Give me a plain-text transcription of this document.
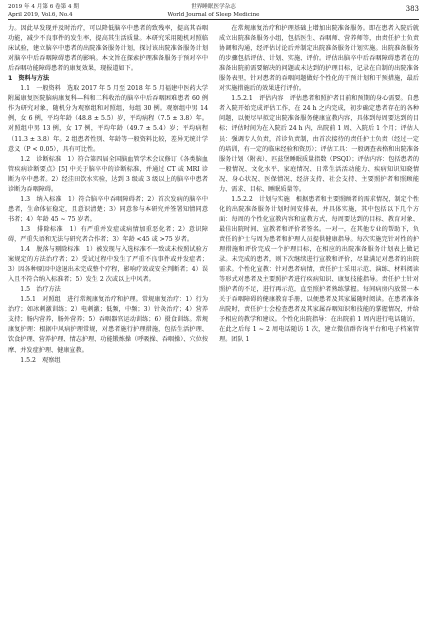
2019 年 4 月第 6 卷第 4 期
April 2019, Vol.6, No.4
世界睡眠医学杂志
World Journal of Sleep Medicine
383

力。因此早发现并及时治疗，可以降低脑卒中患者的致残率，提高其吞咽功能，减少不良事件的发生率，提高其生活质量。本研究采用随机对照临床试验，建立脑卒中患者的出院准备服务计划，探讨该出院准备服务计划对脑卒中后吞咽障碍患者的影响。本文旨在探索护理准备服务于预对卒中后吞咽功能障碍患者的康复效果，现报道如下。

1　资料与方法

1.1　一般资料　选取 2017 年 5 月至 2018 年 5 月福建中医药大学附属康复医院脑病康复科—科和二科收治的脑卒中后吞咽困难患者 60 例作为研究对象，随机分为观察组和对照组，每组 30 例。观察组中男 14 例，女 6 例，平均年龄（48.8 ± 5.5）岁，平均病程（7.5 ± 3.8）年。对照组中男 13 例，女 17 例，平均年龄（49.7 ± 5.4）岁；平均病程（11.3 ± 3.8）年。2 组患者性别、年龄等一般资料比较，差异无统计学意义（P < 0.05），具有可比性。

1.2　诊断标准　1）符合第四届全国脑血管学术会议修订《各类脑血管疾病诊断要点》[5] 中关于脑卒中的诊断标准，并通过 CT 或 MRI 诊断为卒中患者。2）经洼田饮水实验，达到 3 级或 3 级以上的脑卒中患者诊断为吞咽障碍。

1.3　纳入标准　1）符合脑卒中吞咽障碍者；2）首次发病的脑卒中患者，生命体征稳定，且意识清楚；3）同意参与本研究并签署知情同意书者；4）年龄 45 ~ 75 岁者。

1.3　排除标准　1）有严重并发症或病情加重恶化者；2）意识障碍，严重失语和无法与研究者合作者；3）年龄 <45 或 >75 岁者。

1.4　脱落与剔除标准　1）被发现与入选标准不一致或未按照试验方案规定的方法治疗者；2）受试过程中发生了严重不良事件或并发症者；3）因各种原因中途退出未完成整个疗程，影响疗效或安全判断者；4）误入且不符合纳入标准者；5）发生 2 次或以上中风者。

1.5　治疗方法

1.5.1　对照组　进行常规康复治疗和护理。常规康复治疗：1）行为治疗；如冰刺激训练；2）电刺激；低频，中频；3）针灸治疗；4）营养支持；肠内营养，肠外营养；5）吞咽器官运动训练；6）摄食训练。常规康复护理：根据中风病护理常规，对患者施行护理措施，包括生活护理、饮食护理、营养护理、情志护理、功能锻炼操（呼吸操、吞咽操）、穴位按摩、并发症护理、健康宣教。

1.5.2　观察组

在常规康复治疗和护理基础上增加出院准备服务。即在患者入院后就成立出院准备服务小组，包括医生、吞咽师、营养师等，由责任护士负责协调和沟通，经评估讨论后并制定出院准备服务计划实施。出院准备服务的步骤包括评估、计划、实施、评价。评估出脑卒中后吞咽障碍患者在的准备出院前需要解决的问题或未达到的护理目标，记录在自制的出院准备服务表里，针对患者的吞咽问题做好个性化的干预计划和干预措施，最后对实施措施后的效果进行评价。

1.5.2.1　评估内容　评估患者和照护者目前和预期的身心需要。自患者入院开始完成评估工作，在 24 h 之内完成，初步确定患者存在的各种问题，以便尽早拟定出院准备服务健康宣教内容，具体到每周要达到的目标；评估时间为在入院后 24 h 内，出院前 1 周、入院后 1 个月；评估人员：强调专人负责，首诊负责制，由首次接待的责任护士负责（经过一定的培训，有一定的临床经验和资历）；评估工具：一般调查表格和出院准备服务计划（附表）、匹兹堡睡眠质量指数（PSQI）；评估内容：包括患者的一般情况、文化水平、家庭情况、日常生活活动能力、疾病知识知晓情况、身心状况、医保情况、经济支持、社会支持、主要照护者和照顾能力、需求、目标、睡眠质量等。

1.5.2.2　计划与实施　根据患者和主要照顾者的需求情况，制定个性化的出院准备服务计划时间安排表，并具体实施，其中包括以下几个方面：每周的个性化宣教内容和宣教方式、每周要达到的目标、教育对象、最佳出院时间、宣教者和评价者签名。一对一，在其他专业的帮助下，负责任的护士与周为患者和护理人员提供健康指导。每次实施完针对性的护理措施和评价完成一个护理目标，在相应的出院准备服务计划表上做记录。未完成的患者，则下次继续进行宣教和评价，尽量满足对患者的出院需求。个性化宣教：针对患者病情，责任护士采用示范、演练、材料阅读等形式对患者及主要照护者进行疾病知识、康复技能指导。责任护士针对照护者的不足，进行再示范，直至照护者熟练掌握。每间病房内放置一本关于吞咽障碍的健康教育手册，以便患者及其家属随时阅读。在患者准备出院时，责任护士会检查患者及其家属吞咽知识和技能的掌握情况，并给予相应的教学和建议。个性化出院指导：在出院前 1 周内进行电话随访，在此之后每 1 ~ 2 周电话随访 1 次，建立微信群咨询平台和电子档案管理。团队 1
